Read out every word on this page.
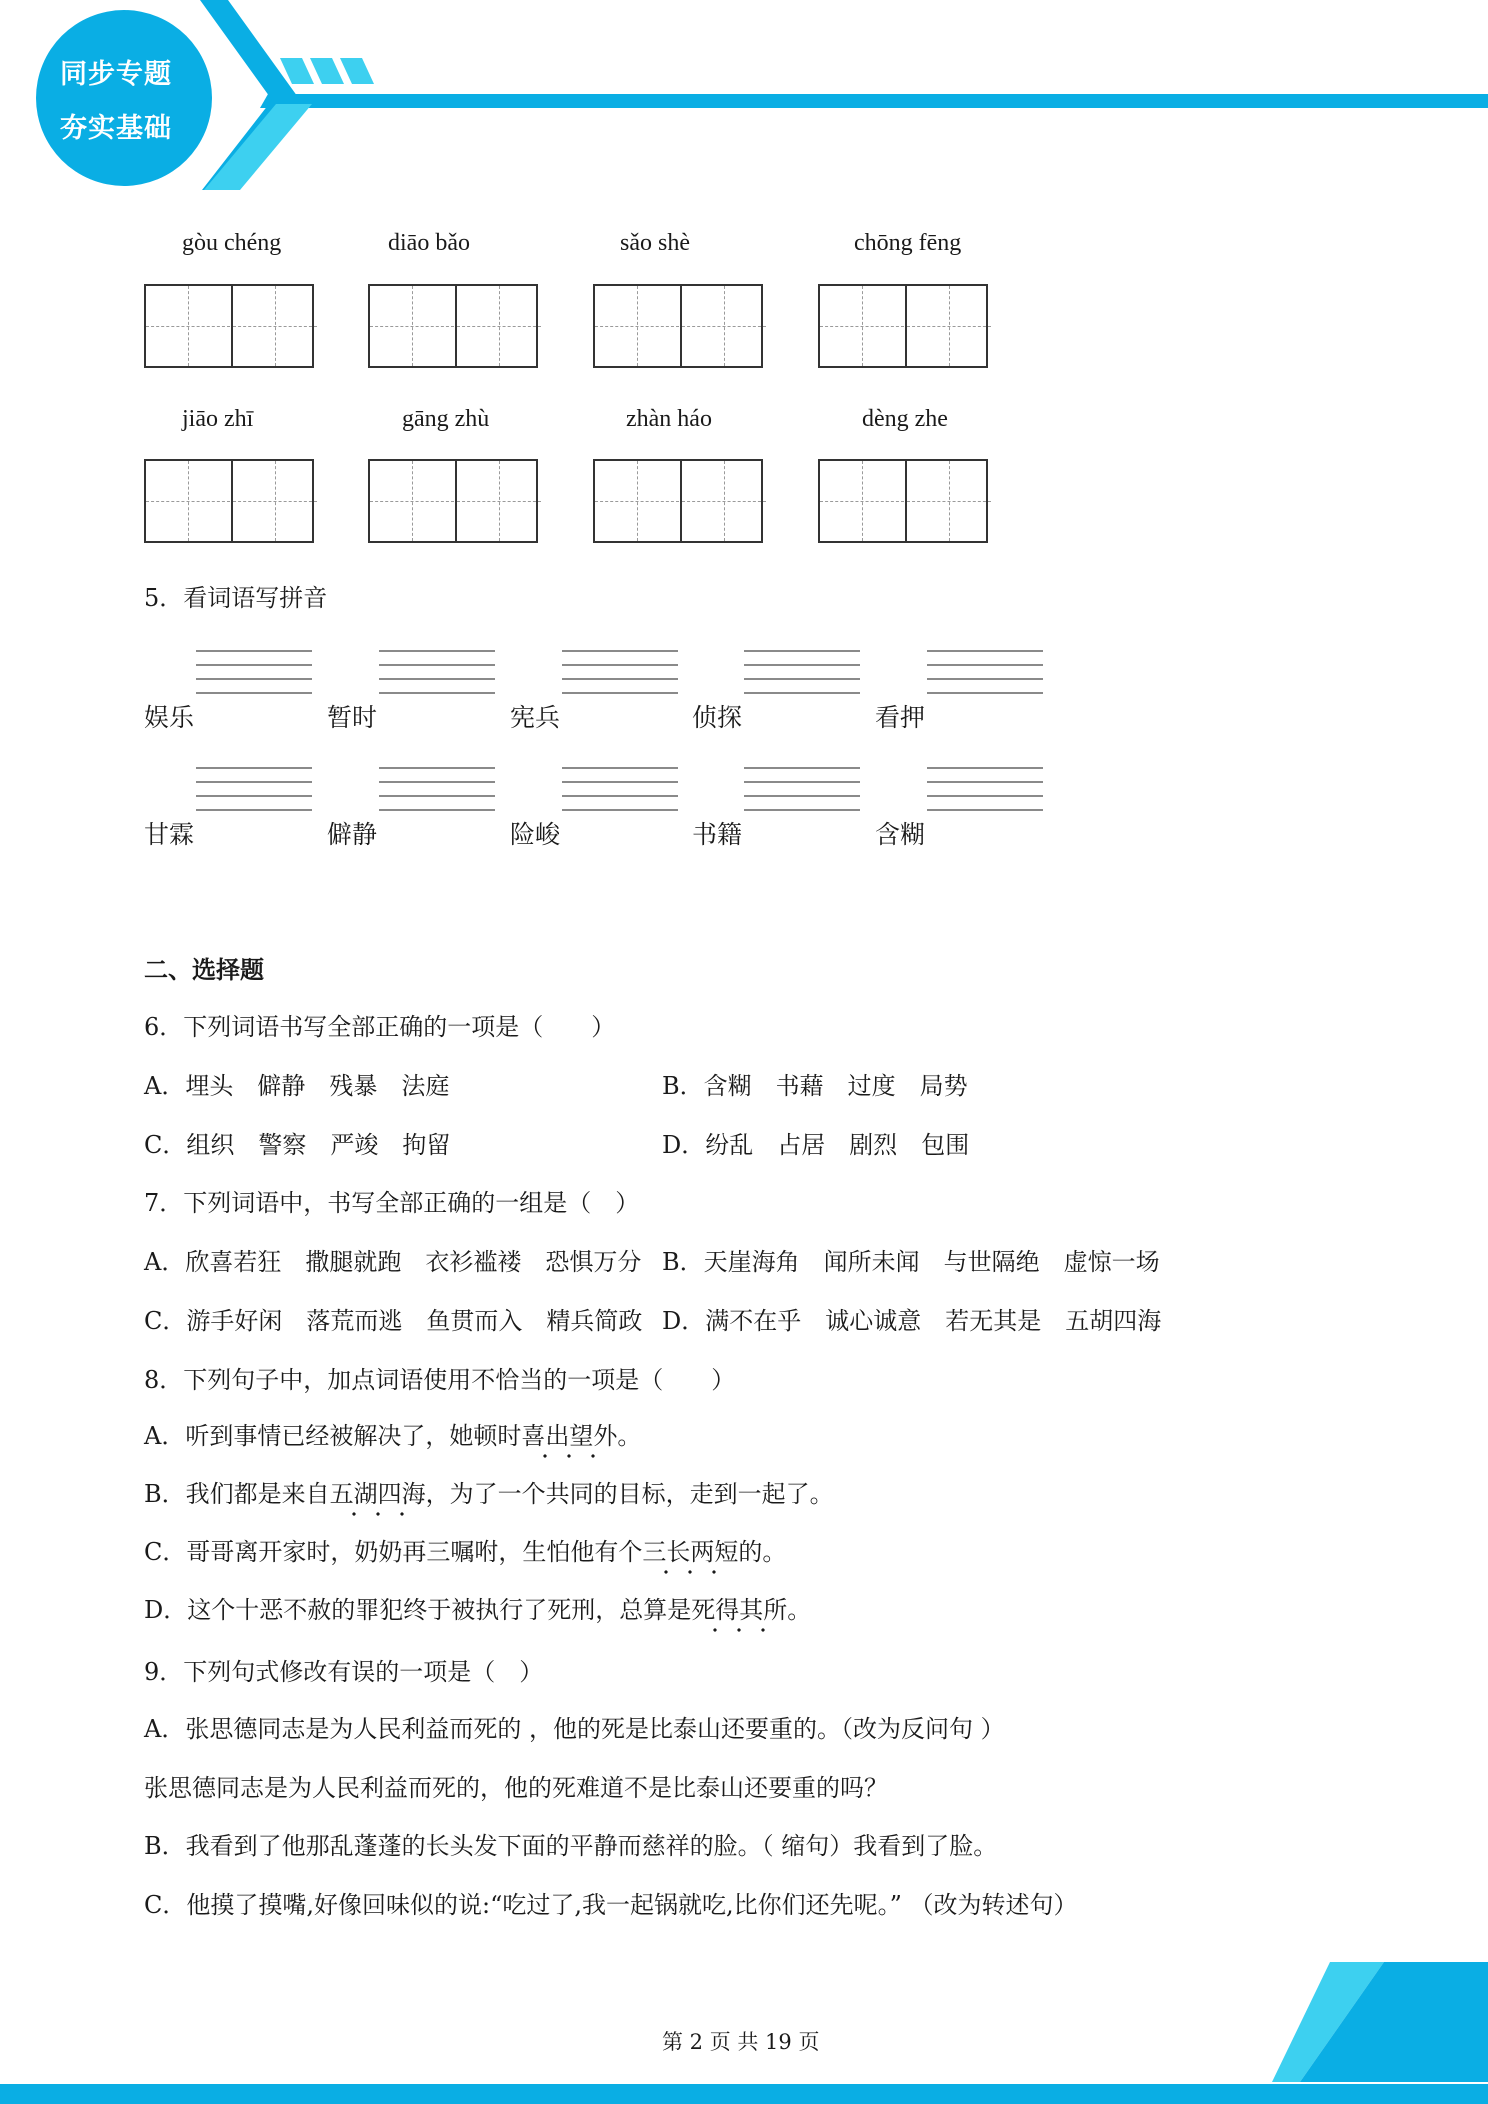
同步专题
夯实基础
gòu chéng	diāo bǎo	sǎo shè	chōng fēng
jiāo zhī	gāng zhù	zhàn háo	dèng zhe
5．看词语写拼音
娱乐	暂时	宪兵	侦探	看押
甘霖	僻静	险峻	书籍	含糊
二、选择题
6．下列词语书写全部正确的一项是（　　）
A．埋头　僻静　残暴　法庭	B．含糊　书藉　过度　局势
C．组织　警察　严竣　拘留	D．纷乱　占居　剧烈　包围
7．下列词语中，书写全部正确的一组是（　）
A．欣喜若狂　撒腿就跑　衣衫褴褛　恐惧万分 B．天崖海角　闻所未闻　与世隔绝　虚惊一场
C．游手好闲　落荒而逃　鱼贯而入　精兵简政 D．满不在乎　诚心诚意　若无其是　五胡四海
8．下列句子中，加点词语使用不恰当的一项是（　　）
A．听到事情已经被解决了，她顿时喜出望外。
B．我们都是来自五湖四海，为了一个共同的目标，走到一起了。
C．哥哥离开家时，奶奶再三嘱咐，生怕他有个三长两短的。
D．这个十恶不赦的罪犯终于被执行了死刑，总算是死得其所。
9．下列句式修改有误的一项是（　）
A．张思德同志是为人民利益而死的 ，他的死是比泰山还要重的。（改为反问句 ）
张思德同志是为人民利益而死的，他的死难道不是比泰山还要重的吗？
B．我看到了他那乱蓬蓬的长头发下面的平静而慈祥的脸。（ 缩句）我看到了脸。
C．他摸了摸嘴,好像回味似的说:“吃过了,我一起锅就吃,比你们还先呢。” （改为转述句）
第 2 页 共 19 页
